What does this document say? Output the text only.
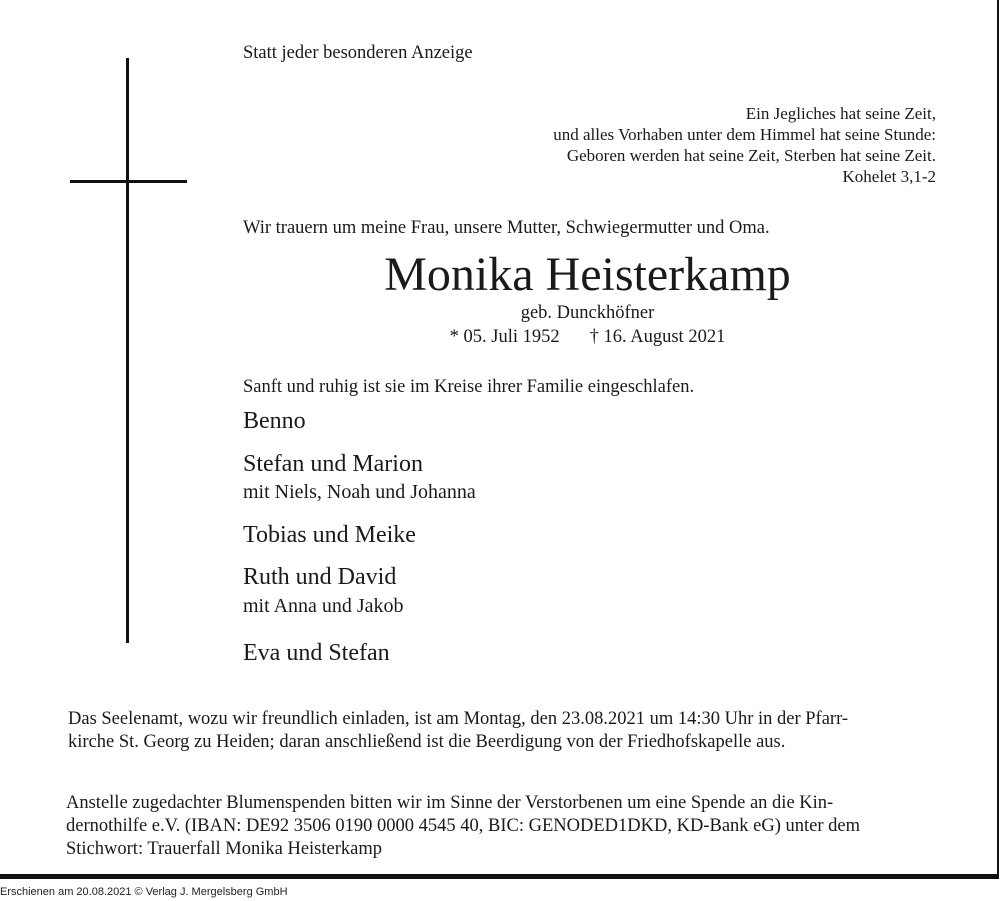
Statt jeder besonderen Anzeige
Ein Jegliches hat seine Zeit,
und alles Vorhaben unter dem Himmel hat seine Stunde:
Geboren werden hat seine Zeit, Sterben hat seine Zeit.
Kohelet 3,1-2
Wir trauern um meine Frau, unsere Mutter, Schwiegermutter und Oma.
Monika Heisterkamp
geb. Dunckhöfner
* 05. Juli 1952 † 16. August 2021
Sanft und ruhig ist sie im Kreise ihrer Familie eingeschlafen.
Benno
Stefan und Marion
mit Niels, Noah und Johanna
Tobias und Meike
Ruth und David
mit Anna und Jakob
Eva und Stefan
Das Seelenamt, wozu wir freundlich einladen, ist am Montag, den 23.08.2021 um 14:30 Uhr in der Pfarr-
kirche St. Georg zu Heiden; daran anschließend ist die Beerdigung von der Friedhofskapelle aus.
Anstelle zugedachter Blumenspenden bitten wir im Sinne der Verstorbenen um eine Spende an die Kin-
dernothilfe e.V. (IBAN: DE92 3506 0190 0000 4545 40, BIC: GENODED1DKD, KD-Bank eG) unter dem
Stichwort: Trauerfall Monika Heisterkamp
Erschienen am 20.08.2021 © Verlag J. Mergelsberg GmbH
